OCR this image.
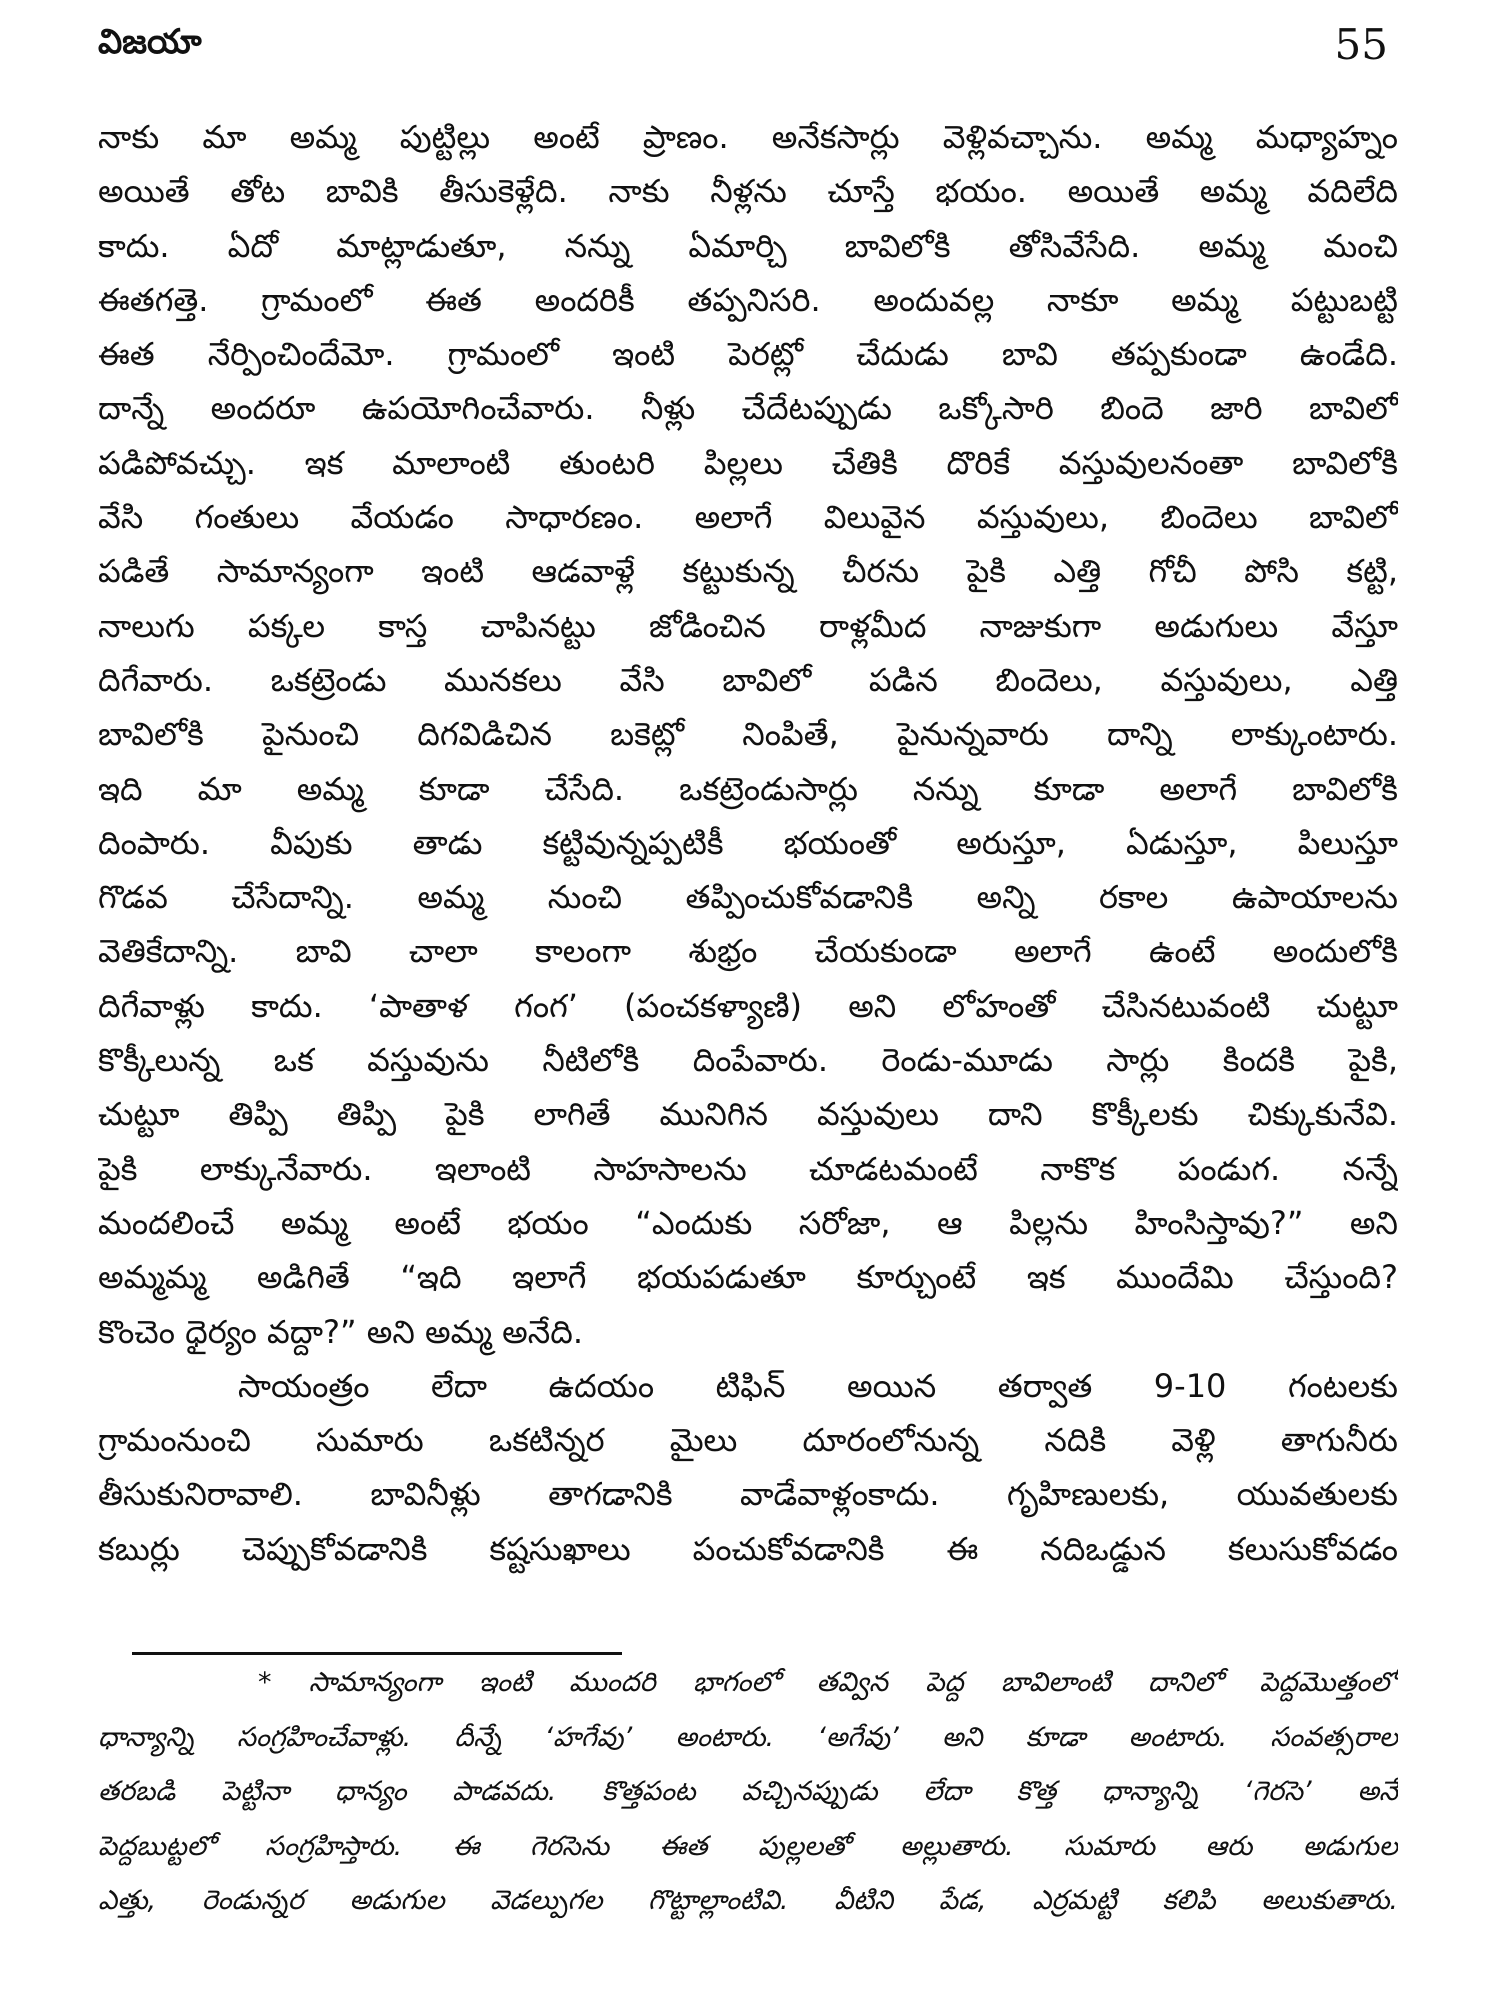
విజయా	55
నాకు మా అమ్మ పుట్టిల్లు అంటే ప్రాణం. అనేకసార్లు వెళ్లివచ్చాను. అమ్మ మధ్యాహ్నం
అయితే తోట బావికి తీసుకెళ్లేది. నాకు నీళ్లను చూస్తే భయం. అయితే అమ్మ వదిలేది
కాదు. ఏదో మాట్లాడుతూ, నన్ను ఏమార్చి బావిలోకి తోసివేసేది. అమ్మ మంచి
ఈతగత్తె. గ్రామంలో ఈత అందరికీ తప్పనిసరి. అందువల్ల నాకూ అమ్మ పట్టుబట్టి
ఈత నేర్పించిందేమో. గ్రామంలో ఇంటి పెరట్లో చేదుడు బావి తప్పకుండా ఉండేది.
దాన్నే అందరూ ఉపయోగించేవారు. నీళ్లు చేదేటప్పుడు ఒక్కోసారి బిందె జారి బావిలో
పడిపోవచ్చు. ఇక మాలాంటి తుంటరి పిల్లలు చేతికి దొరికే వస్తువులనంతా బావిలోకి
వేసి గంతులు వేయడం సాధారణం. అలాగే విలువైన వస్తువులు, బిందెలు బావిలో
పడితే సామాన్యంగా ఇంటి ఆడవాళ్లే కట్టుకున్న చీరను పైకి ఎత్తి గోచీ పోసి కట్టి,
నాలుగు పక్కల కాస్త చాపినట్టు జోడించిన రాళ్లమీద నాజుకుగా అడుగులు వేస్తూ
దిగేవారు. ఒకట్రెండు మునకలు వేసి బావిలో పడిన బిందెలు, వస్తువులు, ఎత్తి
బావిలోకి పైనుంచి దిగవిడిచిన బకెట్లో నింపితే, పైనున్నవారు దాన్ని లాక్కుంటారు.
ఇది మా అమ్మ కూడా చేసేది. ఒకట్రెండుసార్లు నన్ను కూడా అలాగే బావిలోకి
దింపారు. వీపుకు తాడు కట్టివున్నప్పటికీ భయంతో అరుస్తూ, ఏడుస్తూ, పిలుస్తూ
గొడవ చేసేదాన్ని. అమ్మ నుంచి తప్పించుకోవడానికి అన్ని రకాల ఉపాయాలను
వెతికేదాన్ని. బావి చాలా కాలంగా శుభ్రం చేయకుండా అలాగే ఉంటే అందులోకి
దిగేవాళ్లు కాదు. ‘పాతాళ గంగ’ (పంచకళ్యాణి) అని లోహంతో చేసినటువంటి చుట్టూ
కొక్కీలున్న ఒక వస్తువును నీటిలోకి దింపేవారు. రెండు-మూడు సార్లు కిందకి పైకి,
చుట్టూ తిప్పి తిప్పి పైకి లాగితే మునిగిన వస్తువులు దాని కొక్కీలకు చిక్కుకునేవి.
పైకి లాక్కునేవారు. ఇలాంటి సాహసాలను చూడటమంటే నాకొక పండుగ. నన్నే
మందలించే అమ్మ అంటే భయం “ఎందుకు సరోజా, ఆ పిల్లను హింసిస్తావు?” అని
అమ్మమ్మ అడిగితే “ఇది ఇలాగే భయపడుతూ కూర్చుంటే ఇక ముందేమి చేస్తుంది?
కొంచెం ధైర్యం వద్దా?” అని అమ్మ అనేది.
సాయంత్రం లేదా ఉదయం టిఫిన్ అయిన తర్వాత 9-10 గంటలకు
గ్రామంనుంచి సుమారు ఒకటిన్నర మైలు దూరంలోనున్న నదికి వెళ్లి తాగునీరు
తీసుకునిరావాలి. బావినీళ్లు తాగడానికి వాడేవాళ్లంకాదు. గృహిణులకు, యువతులకు
కబుర్లు చెప్పుకోవడానికి కష్టసుఖాలు పంచుకోవడానికి ఈ నదిఒడ్డున కలుసుకోవడం
* సామాన్యంగా ఇంటి ముందరి భాగంలో తవ్విన పెద్ద బావిలాంటి దానిలో పెద్దమొత్తంలో
ధాన్యాన్ని సంగ్రహించేవాళ్లు. దీన్నే ‘హగేవు’ అంటారు. ‘అగేవు’ అని కూడా అంటారు. సంవత్సరాల
తరబడి పెట్టినా ధాన్యం పాడవదు. కొత్తపంట వచ్చినప్పుడు లేదా కొత్త ధాన్యాన్ని ‘గెరసె’ అనే
పెద్దబుట్టలో సంగ్రహిస్తారు. ఈ గెరసెను ఈత పుల్లలతో అల్లుతారు. సుమారు ఆరు అడుగుల
ఎత్తు, రెండున్నర అడుగుల వెడల్పుగల గొట్టాల్లాంటివి. వీటిని పేడ, ఎర్రమట్టి కలిపి అలుకుతారు.
